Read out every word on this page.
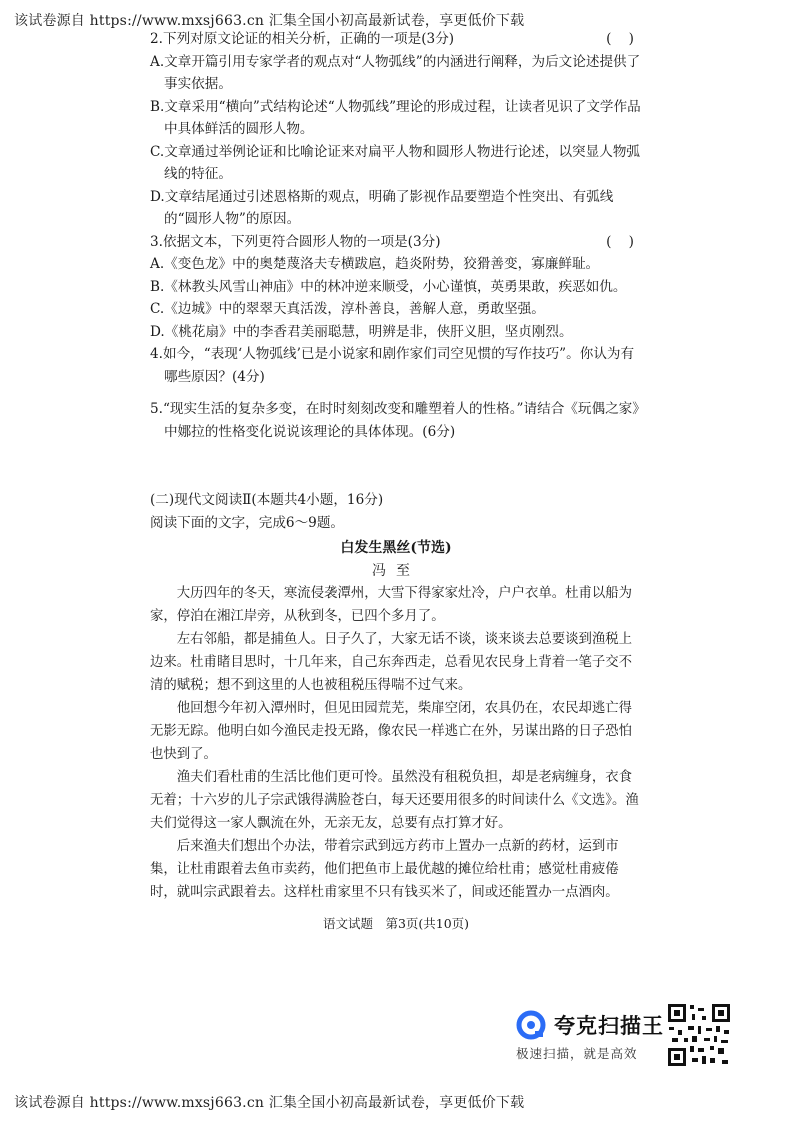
该试卷源自 https://www.mxsj663.cn 汇集全国小初高最新试卷，享更低价下载
2.下列对原文论证的相关分析，正确的一项是(3分)	(    )
A.文章开篇引用专家学者的观点对“人物弧线”的内涵进行阐释，为后文论述提供了事实依据。
B.文章采用“横向”式结构论述“人物弧线”理论的形成过程，让读者见识了文学作品中具体鲜活的圆形人物。
C.文章通过举例论证和比喻论证来对扁平人物和圆形人物进行论述，以突显人物弧线的特征。
D.文章结尾通过引述恩格斯的观点，明确了影视作品要塑造个性突出、有弧线的“圆形人物”的原因。
3.依据文本，下列更符合圆形人物的一项是(3分)	(    )
A.《变色龙》中的奥楚蔑洛夫专横跋扈，趋炎附势，狡猾善变，寡廉鲜耻。
B.《林教头风雪山神庙》中的林冲逆来顺受，小心谨慎，英勇果敢，疾恶如仇。
C.《边城》中的翠翠天真活泼，淳朴善良，善解人意，勇敢坚强。
D.《桃花扇》中的李香君美丽聪慧，明辨是非，侠肝义胆，坚贞刚烈。
4.如今，“表现‘人物弧线’已是小说家和剧作家们司空见惯的写作技巧”。你认为有哪些原因？(4分)
5.“现实生活的复杂多变，在时时刻刻改变和雕塑着人的性格。”请结合《玩偶之家》中娜拉的性格变化说说该理论的具体体现。(6分)
(二)现代文阅读Ⅱ(本题共4小题，16分)
阅读下面的文字，完成6～9题。
白发生黑丝(节选)
冯至
大历四年的冬天，寒流侵袭潭州，大雪下得家家灶冷，户户衣单。杜甫以船为家，停泊在湘江岸旁，从秋到冬，已四个多月了。
左右邻船，都是捕鱼人。日子久了，大家无话不谈，谈来谈去总要谈到渔税上边来。杜甫睹目思时，十几年来，自己东奔西走，总看见农民身上背着一笔子交不清的赋税；想不到这里的人也被租税压得喘不过气来。
他回想今年初入潭州时，但见田园荒芜，柴扉空闭，农具仍在，农民却逃亡得无影无踪。他明白如今渔民走投无路，像农民一样逃亡在外，另谋出路的日子恐怕也快到了。
渔夫们看杜甫的生活比他们更可怜。虽然没有租税负担，却是老病缠身，衣食无着；十六岁的儿子宗武饿得满脸苍白，每天还要用很多的时间读什么《文选》。渔夫们觉得这一家人飘流在外，无亲无友，总要有点打算才好。
后来渔夫们想出个办法，带着宗武到远方药市上置办一点新的药材，运到市集，让杜甫跟着去鱼市卖药，他们把鱼市上最优越的摊位给杜甫；感觉杜甫疲倦时，就叫宗武跟着去。这样杜甫家里不只有钱买米了，间或还能置办一点酒肉。
语文试题　第3页(共10页)
夸克扫描王
极速扫描，就是高效
该试卷源自 https://www.mxsj663.cn 汇集全国小初高最新试卷，享更低价下载
